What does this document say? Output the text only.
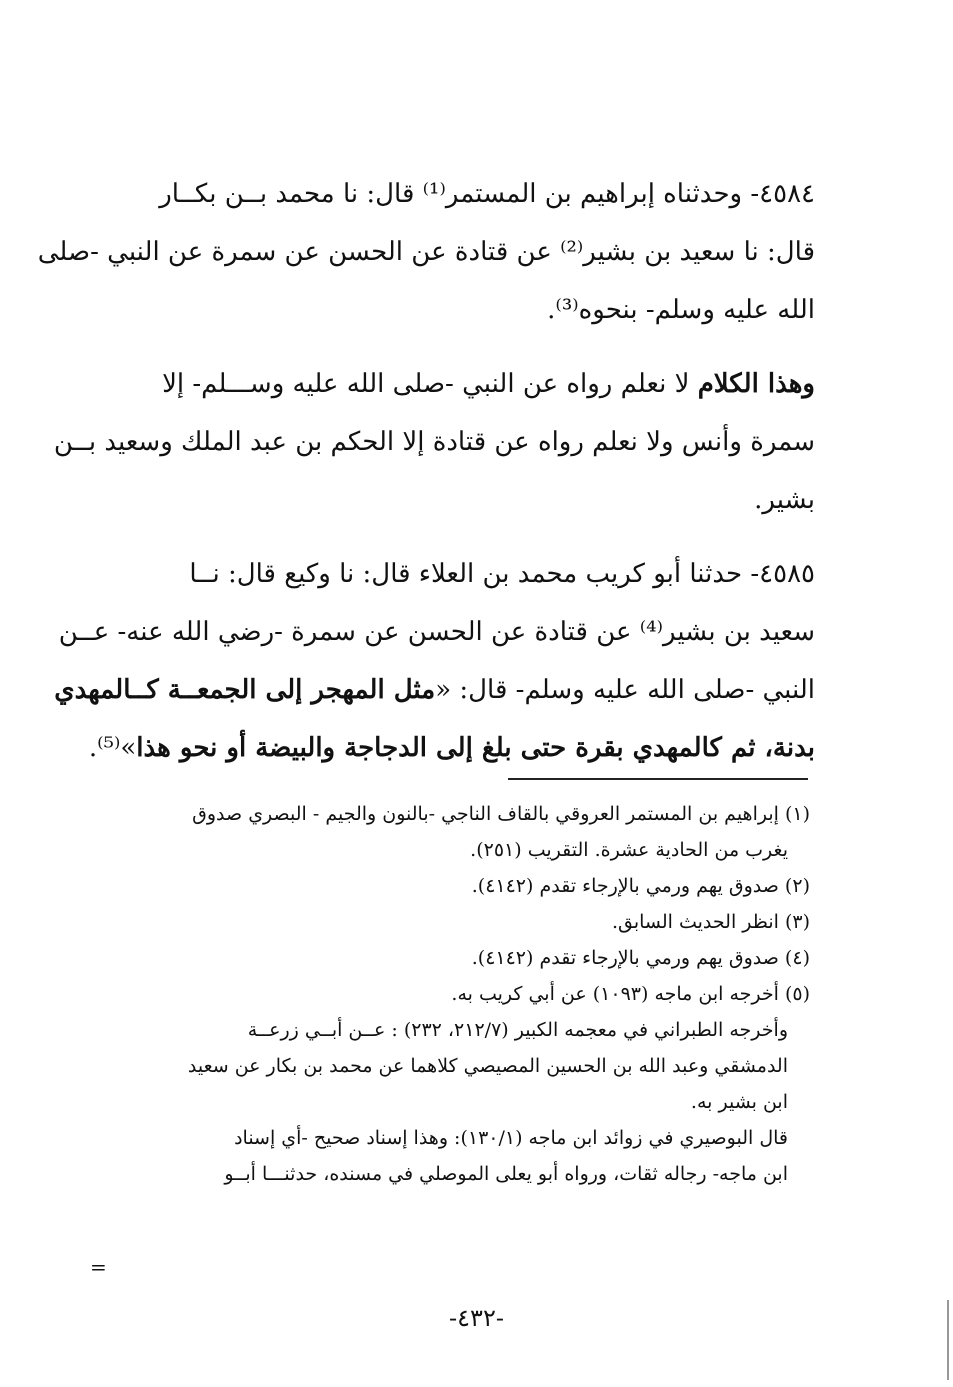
٤٥٨٤- وحدثناه إبراهيم بن المستمر⁽¹⁾ قال: نا محمد بــن بكــار
قال: نا سعيد بن بشير⁽²⁾ عن قتادة عن الحسن عن سمرة عن النبي -صلى
الله عليه وسلم- بنحوه⁽³⁾.
وهذا الكلام لا نعلم رواه عن النبي -صلى الله عليه وســـلم- إلا
سمرة وأنس ولا نعلم رواه عن قتادة إلا الحكم بن عبد الملك وسعيد بــن
بشير.
٤٥٨٥- حدثنا أبو كريب محمد بن العلاء قال: نا وكيع قال: نــا
سعيد بن بشير⁽⁴⁾ عن قتادة عن الحسن عن سمرة -رضي الله عنه- عــن
النبي -صلى الله عليه وسلم- قال: «مثل المهجر إلى الجمعــة كــالمهدي
بدنة، ثم كالمهدي بقرة حتى بلغ إلى الدجاجة والبيضة أو نحو هذا»⁽⁵⁾.
(١) إبراهيم بن المستمر العروقي بالقاف الناجي -بالنون والجيم - البصري صدوق
يغرب من الحادية عشرة. التقريب (٢٥١).
(٢) صدوق يهم ورمي بالإرجاء تقدم (٤١٤٢).
(٣) انظر الحديث السابق.
(٤) صدوق يهم ورمي بالإرجاء تقدم (٤١٤٢).
(٥) أخرجه ابن ماجه (١٠٩٣) عن أبي كريب به.
وأخرجه الطبراني في معجمه الكبير (٢١٢/٧، ٢٣٢) : عــن أبــي زرعــة
الدمشقي وعبد الله بن الحسين المصيصي كلاهما عن محمد بن بكار عن سعيد
ابن بشير به.
قال البوصيري في زوائد ابن ماجه (١٣٠/١): وهذا إسناد صحيح -أي إسناد
ابن ماجه- رجاله ثقات، ورواه أبو يعلى الموصلي في مسنده، حدثنـــا أبــو
=
-٤٣٢-
